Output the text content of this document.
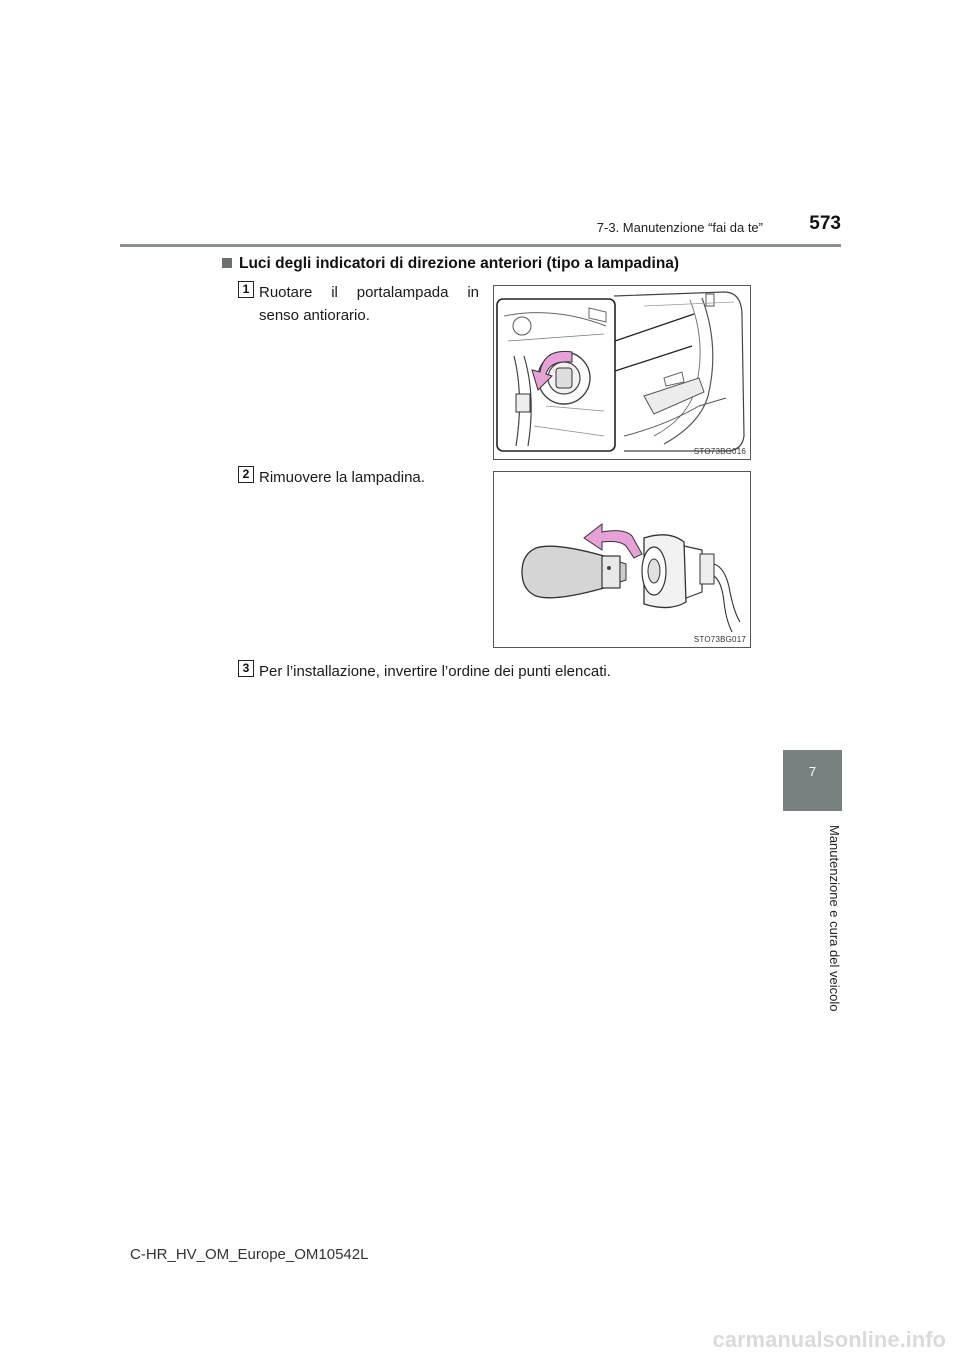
7-3. Manutenzione “fai da te” 573
Luci degli indicatori di direzione anteriori (tipo a lampadina)
1 Ruotare il portalampada in senso antiorario.
STO73BG016
2 Rimuovere la lampadina.
STO73BG017
3 Per l’installazione, invertire l’ordine dei punti elencati.
7
Manutenzione e cura del veicolo
C-HR_HV_OM_Europe_OM10542L
carmanualsonline.info
